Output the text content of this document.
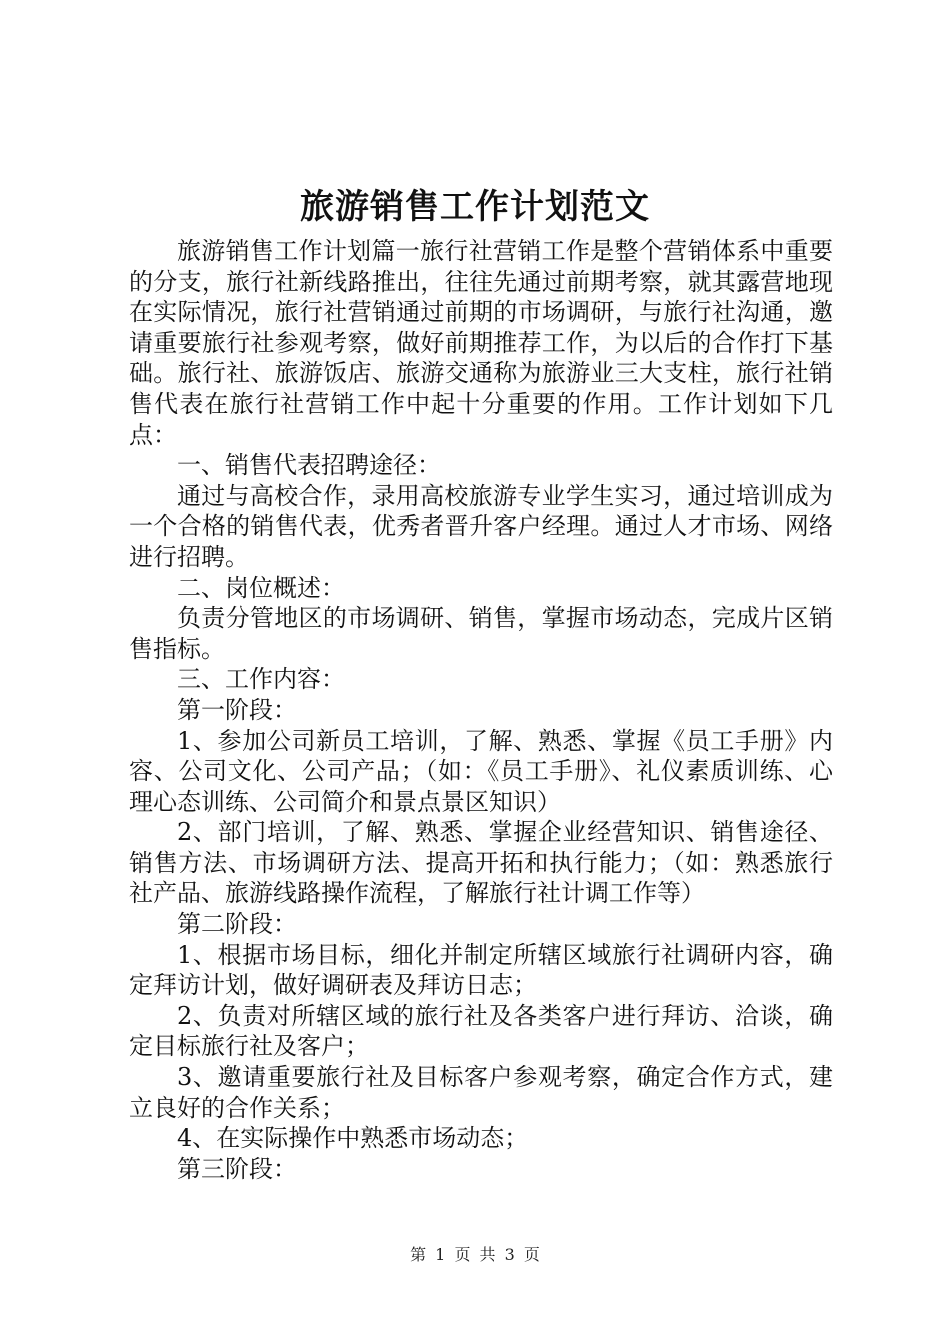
旅游销售工作计划范文

旅游销售工作计划篇一旅行社营销工作是整个营销体系中重要的分支，旅行社新线路推出，往往先通过前期考察，就其露营地现在实际情况，旅行社营销通过前期的市场调研，与旅行社沟通，邀请重要旅行社参观考察，做好前期推荐工作，为以后的合作打下基础。旅行社、旅游饭店、旅游交通称为旅游业三大支柱，旅行社销售代表在旅行社营销工作中起十分重要的作用。工作计划如下几点：

一、销售代表招聘途径：

通过与高校合作，录用高校旅游专业学生实习，通过培训成为一个合格的销售代表，优秀者晋升客户经理。通过人才市场、网络进行招聘。

二、岗位概述：

负责分管地区的市场调研、销售，掌握市场动态，完成片区销售指标。

三、工作内容：

第一阶段：

1、参加公司新员工培训，了解、熟悉、掌握《员工手册》内容、公司文化、公司产品；（如：《员工手册》、礼仪素质训练、心理心态训练、公司简介和景点景区知识）

2、部门培训，了解、熟悉、掌握企业经营知识、销售途径、销售方法、市场调研方法、提高开拓和执行能力；（如：熟悉旅行社产品、旅游线路操作流程，了解旅行社计调工作等）

第二阶段：

1、根据市场目标，细化并制定所辖区域旅行社调研内容，确定拜访计划，做好调研表及拜访日志；

2、负责对所辖区域的旅行社及各类客户进行拜访、洽谈，确定目标旅行社及客户；

3、邀请重要旅行社及目标客户参观考察，确定合作方式，建立良好的合作关系；

4、在实际操作中熟悉市场动态；

第三阶段：

第 1 页 共 3 页
